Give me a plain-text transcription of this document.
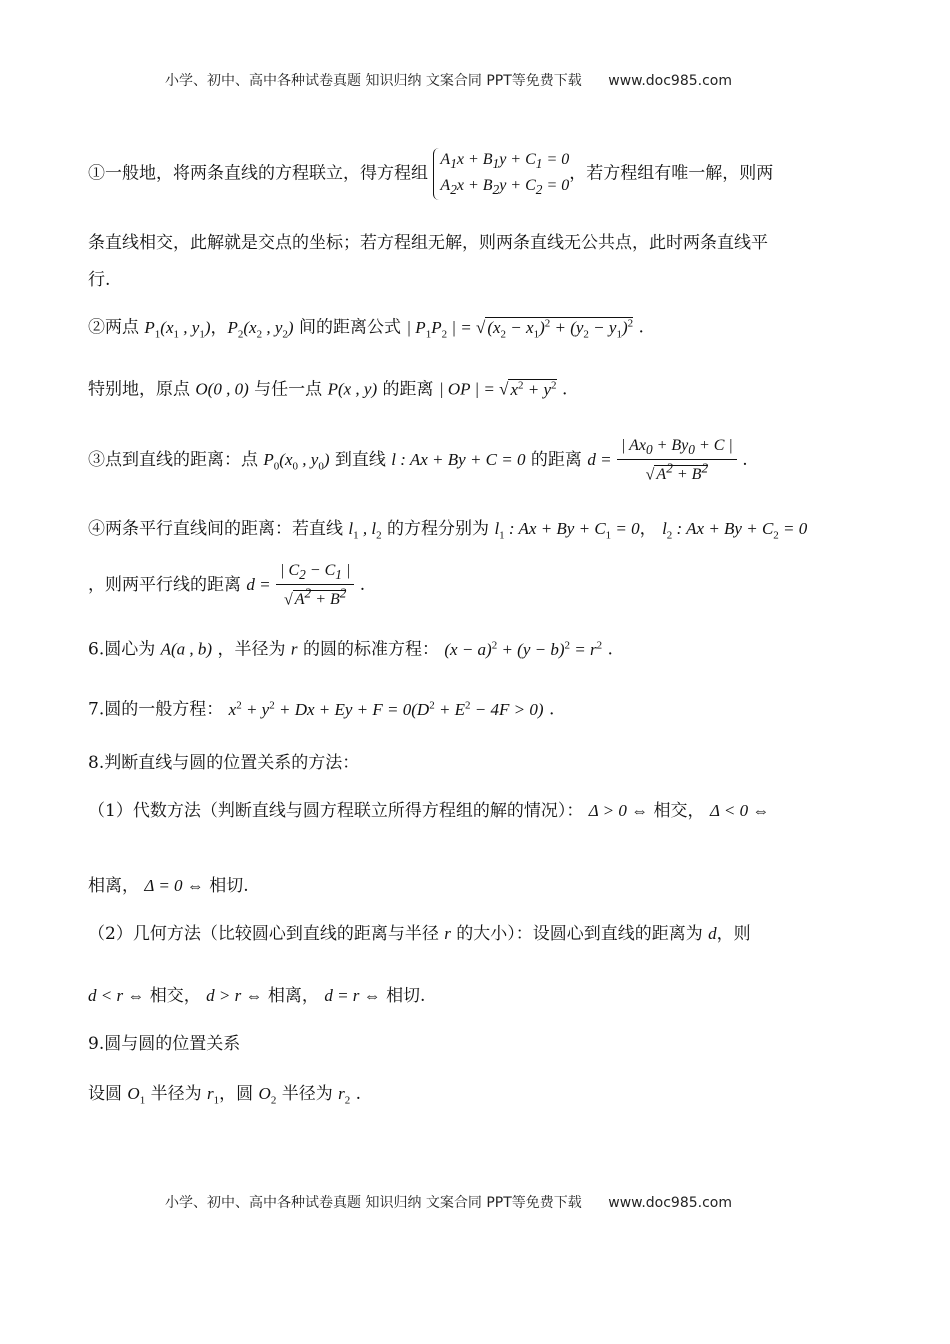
小学、初中、高中各种试卷真题 知识归纳 文案合同 PPT等免费下载 www.doc985.com
①一般地，将两条直线的方程联立，得方程组
$A_1x + B_1y + C_1 = 0$
$A_2x + B_2y + C_2 = 0$
，若方程组有唯一解，则两
条直线相交，此解就是交点的坐标；若方程组无解，则两条直线无公共点，此时两条直线平
行.
②两点 $P_1(x_1$ , $y_1$)，$P_2(x_2$ , $y_2$) 间的距离公式 | $P_1P_2$ | = √ $(x_2 - x_1)^2 + (y_2 - y_1)^2$ .
特别地，原点 O(0 , 0) 与任一点 P(x , y) 的距离 | OP | = √ $x^2 + y^2$ .
③点到直线的距离：点 $P_0(x_0$ , $y_0$) 到直线 l : Ax + By + C = 0 的距离 $d = \frac{| Ax_0 + By_0 + C |}{√ A^2 + B^2}$ .
④两条平行直线间的距离：若直线 $l_1$ , $l_2$ 的方程分别为 $l_1$ : $Ax + By + C_1 = 0$， $l_2$ : $Ax + By + C_2 = 0$
，则两平行线的距离 $d = \frac{| C_2 - C_1 |}{√ A^2 + B^2}$ .
6.圆心为 A(a , b) ，半径为 r 的圆的标准方程： $(x - a)^2 + (y - b)^2 = r^2$ .
7.圆的一般方程： $x^2 + y^2 + Dx + Ey + F = 0(D^2 + E^2 - 4F > 0)$ .
8.判断直线与圆的位置关系的方法：
（1）代数方法（判断直线与圆方程联立所得方程组的解的情况）： Δ > 0 ⇔ 相交， Δ < 0 ⇔
相离， Δ = 0 ⇔ 相切.
（2）几何方法（比较圆心到直线的距离与半径 r 的大小）：设圆心到直线的距离为 d，则
d < r ⇔ 相交， d > r ⇔ 相离， d = r ⇔ 相切.
9.圆与圆的位置关系
设圆 $O_1$ 半径为 $r_1$，圆 $O_2$ 半径为 $r_2$ .
小学、初中、高中各种试卷真题 知识归纳 文案合同 PPT等免费下载 www.doc985.com
